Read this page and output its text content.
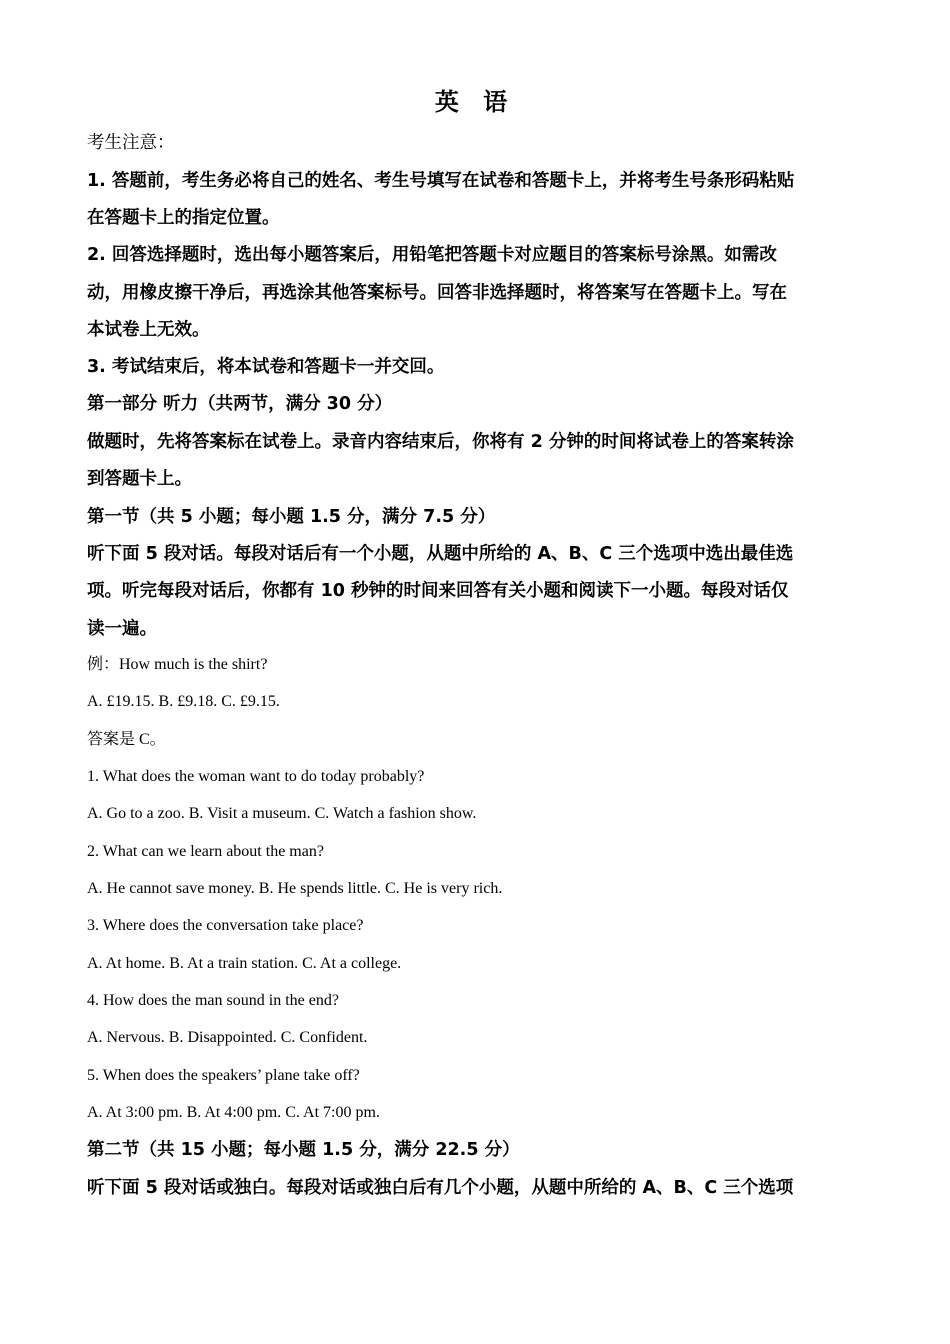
英 语
考生注意：
1. 答题前，考生务必将自己的姓名、考生号填写在试卷和答题卡上，并将考生号条形码粘贴
在答题卡上的指定位置。
2. 回答选择题时，选出每小题答案后，用铅笔把答题卡对应题目的答案标号涂黑。如需改
动，用橡皮擦干净后，再选涂其他答案标号。回答非选择题时，将答案写在答题卡上。写在
本试卷上无效。
3. 考试结束后，将本试卷和答题卡一并交回。
第一部分 听力（共两节，满分 30 分）
做题时，先将答案标在试卷上。录音内容结束后，你将有 2 分钟的时间将试卷上的答案转涂
到答题卡上。
第一节（共 5 小题；每小题 1.5 分，满分 7.5 分）
听下面 5 段对话。每段对话后有一个小题，从题中所给的 A、B、C 三个选项中选出最佳选
项。听完每段对话后，你都有 10 秒钟的时间来回答有关小题和阅读下一小题。每段对话仅
读一遍。
例：How much is the shirt?
A. £19.15. B. £9.18. C. £9.15.
答案是 C。
1. What does the woman want to do today probably?
A. Go to a zoo. B. Visit a museum. C. Watch a fashion show.
2. What can we learn about the man?
A. He cannot save money. B. He spends little. C. He is very rich.
3. Where does the conversation take place?
A. At home. B. At a train station. C. At a college.
4. How does the man sound in the end?
A. Nervous. B. Disappointed. C. Confident.
5. When does the speakers’ plane take off?
A. At 3:00 pm. B. At 4:00 pm. C. At 7:00 pm.
第二节（共 15 小题；每小题 1.5 分，满分 22.5 分）
听下面 5 段对话或独白。每段对话或独白后有几个小题，从题中所给的 A、B、C 三个选项
